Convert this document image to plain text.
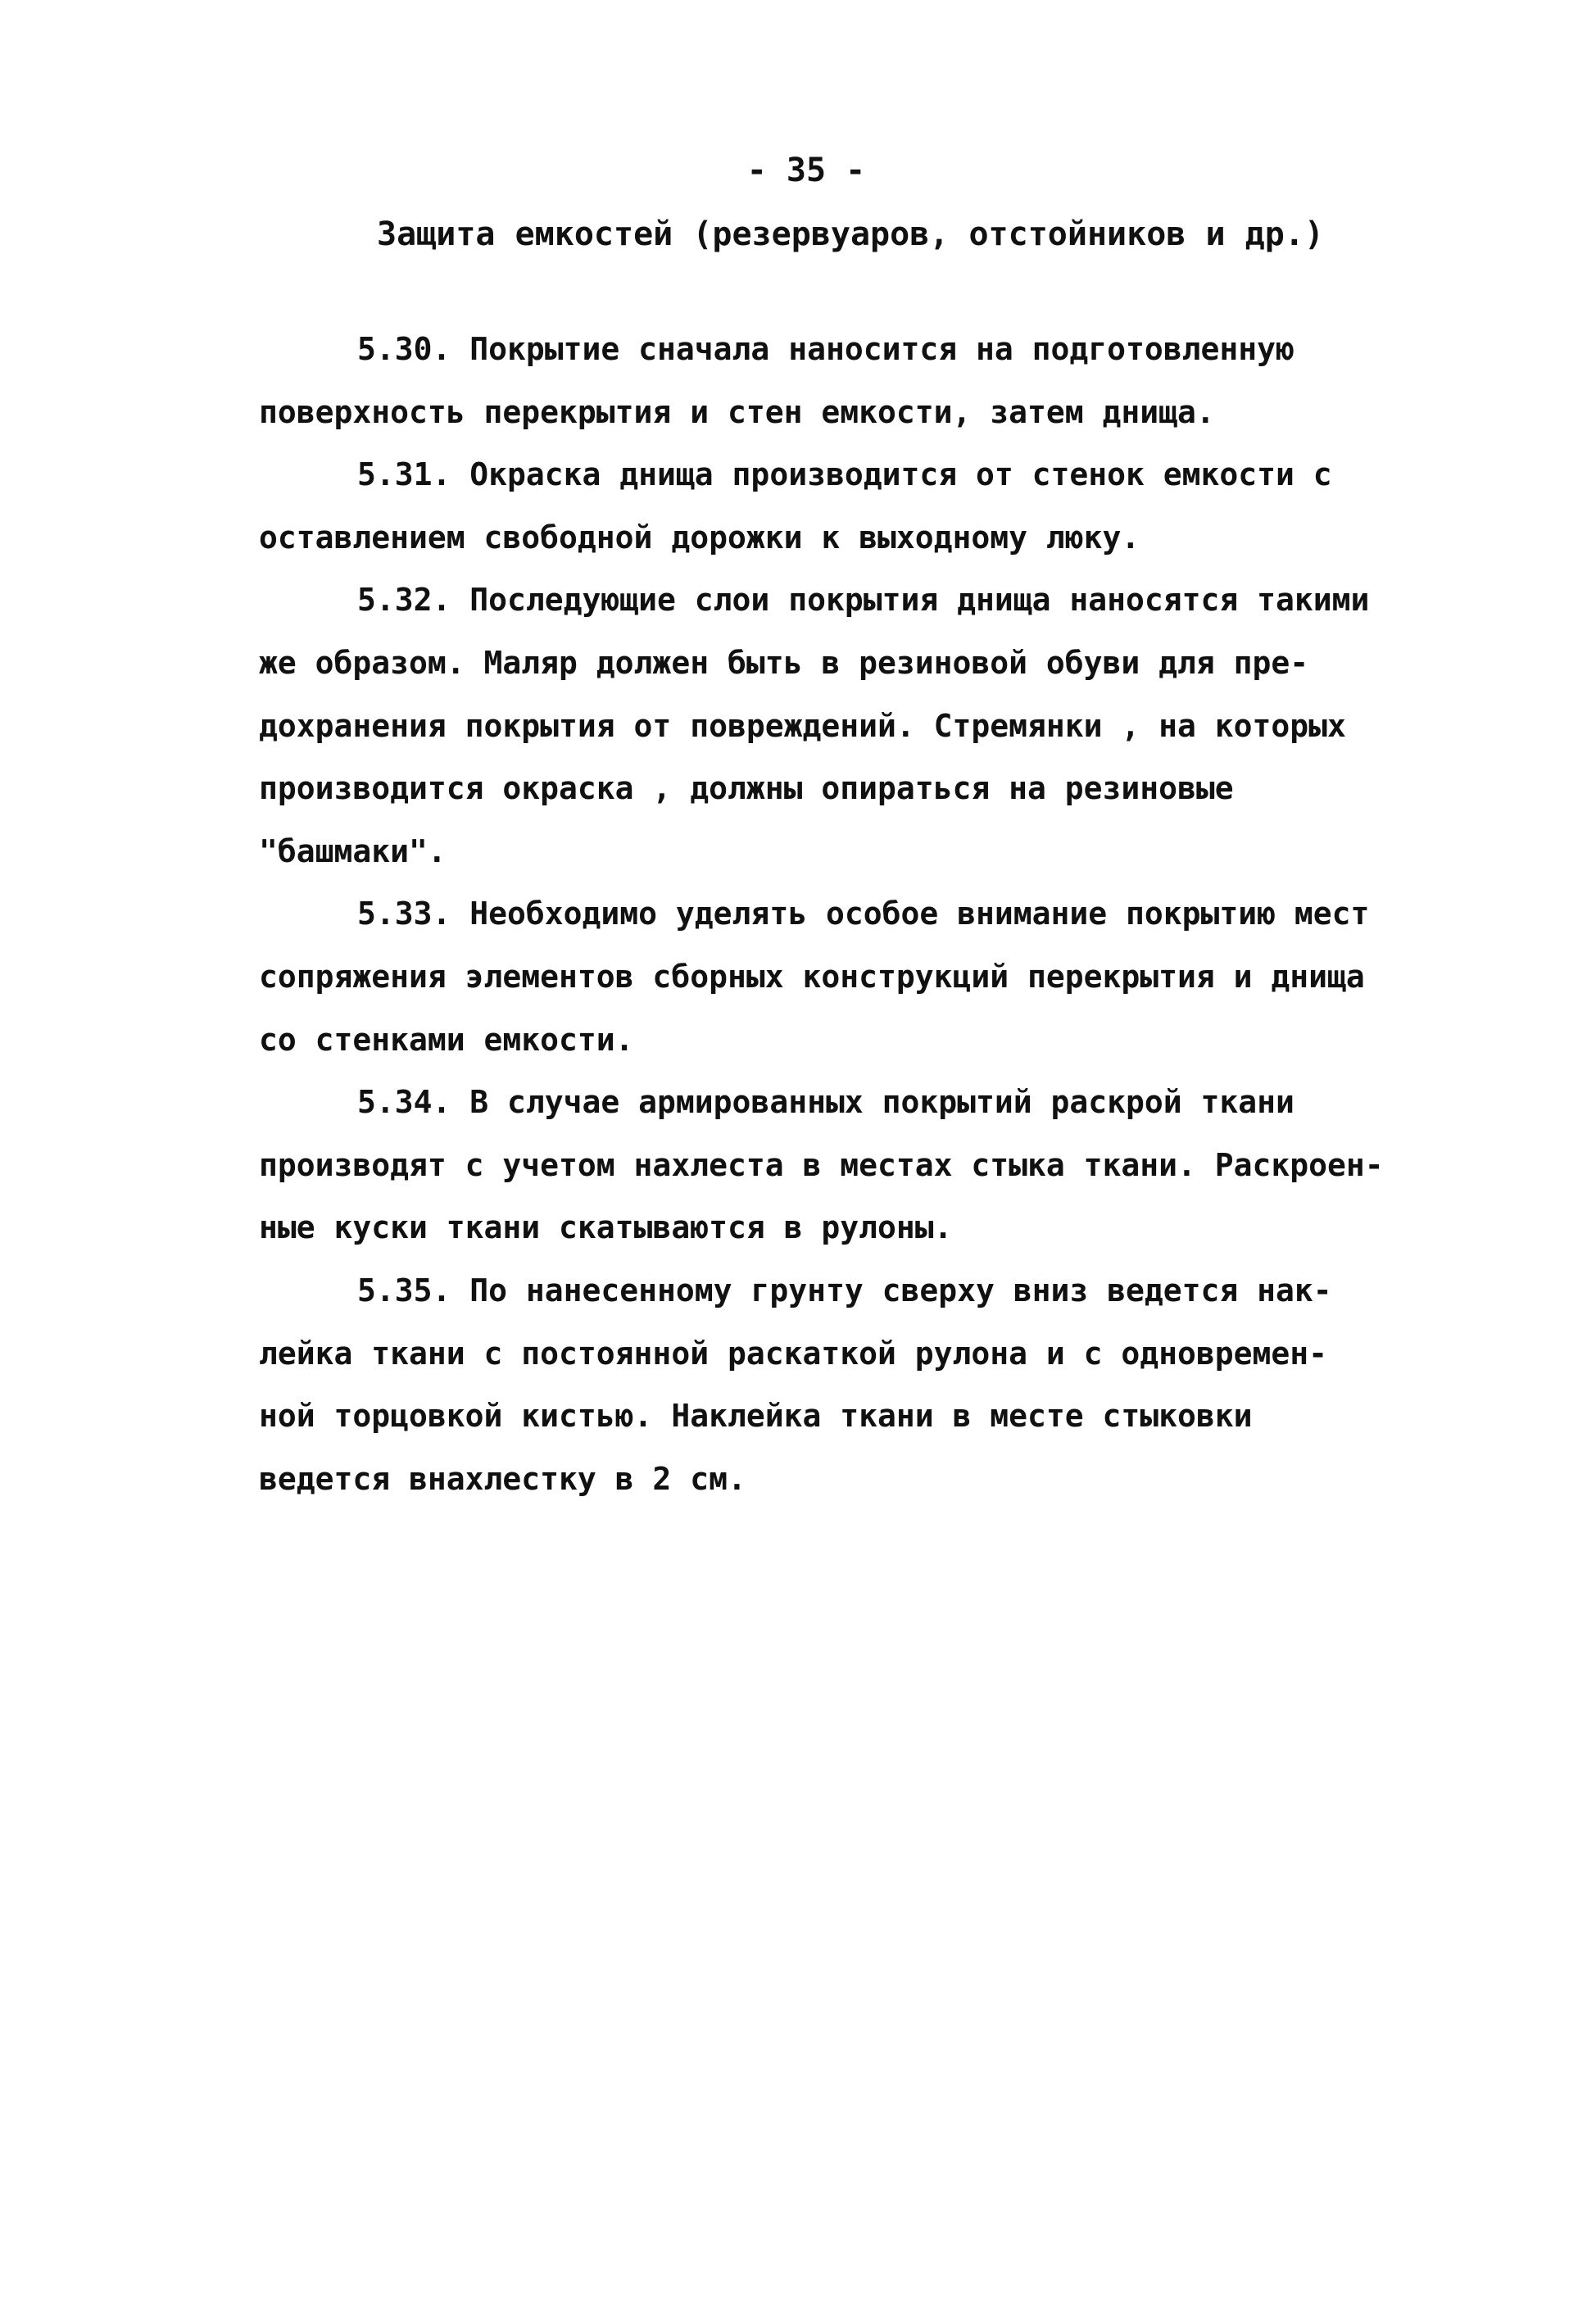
- 35 -
Защита емкостей (резервуаров, отстойников и др.)
5.30. Покрытие сначала наносится на подготовленную
поверхность перекрытия и стен емкости, затем днища.
5.31. Окраска днища производится от стенок емкости с
оставлением свободной дорожки к выходному люку.
5.32. Последующие слои покрытия днища наносятся такими
же образом. Маляр должен быть в резиновой обуви для пре-
дохранения покрытия от повреждений. Стремянки , на которых
производится окраска , должны опираться на резиновые
"башмаки".
5.33. Необходимо уделять особое внимание покрытию мест
сопряжения элементов сборных конструкций перекрытия и днища
со стенками емкости.
5.34. В случае армированных покрытий раскрой ткани
производят с учетом нахлеста в местах стыка ткани. Раскроен-
ные куски ткани скатываются в рулоны.
5.35. По нанесенному грунту сверху вниз ведется нак-
лейка ткани с постоянной раскаткой рулона и с одновремен-
ной торцовкой кистью. Наклейка ткани в месте стыковки
ведется внахлестку в 2 см.
